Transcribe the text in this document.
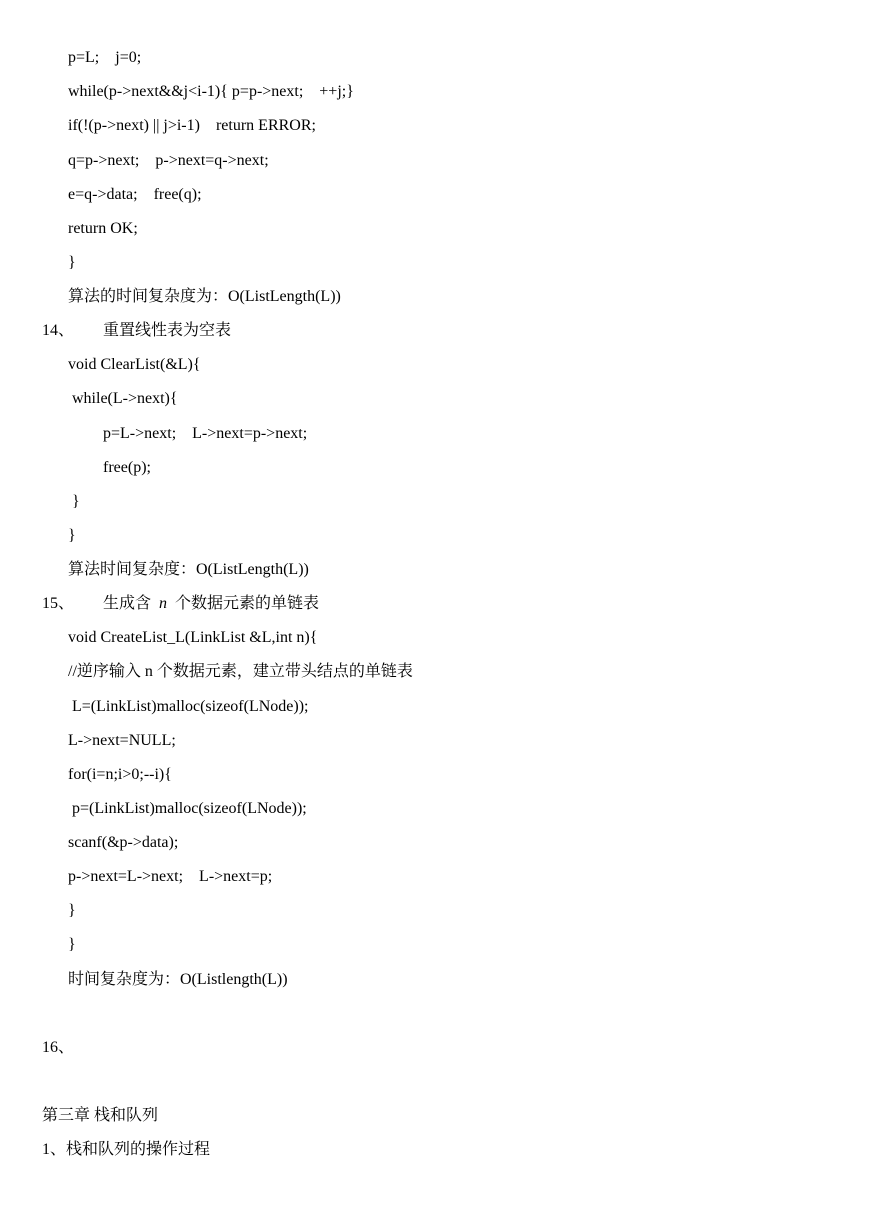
p=L;    j=0;
while(p->next&&j<i-1){ p=p->next;    ++j;}
if(!(p->next) || j>i-1)    return ERROR;
q=p->next;    p->next=q->next;
e=q->data;    free(q);
return OK;
}
算法的时间复杂度为：O(ListLength(L))
14、 重置线性表为空表
void ClearList(&L){
while(L->next){
p=L->next;    L->next=p->next;
free(p);
}
}
算法时间复杂度：O(ListLength(L))
15、 生成含 n 个数据元素的单链表
void CreateList_L(LinkList &L,int n){
//逆序输入 n 个数据元素，建立带头结点的单链表
L=(LinkList)malloc(sizeof(LNode));
L->next=NULL;
for(i=n;i>0;--i){
p=(LinkList)malloc(sizeof(LNode));
scanf(&p->data);
p->next=L->next;    L->next=p;
}
}
时间复杂度为：O(Listlength(L))
16、
第三章 栈和队列
1、栈和队列的操作过程
